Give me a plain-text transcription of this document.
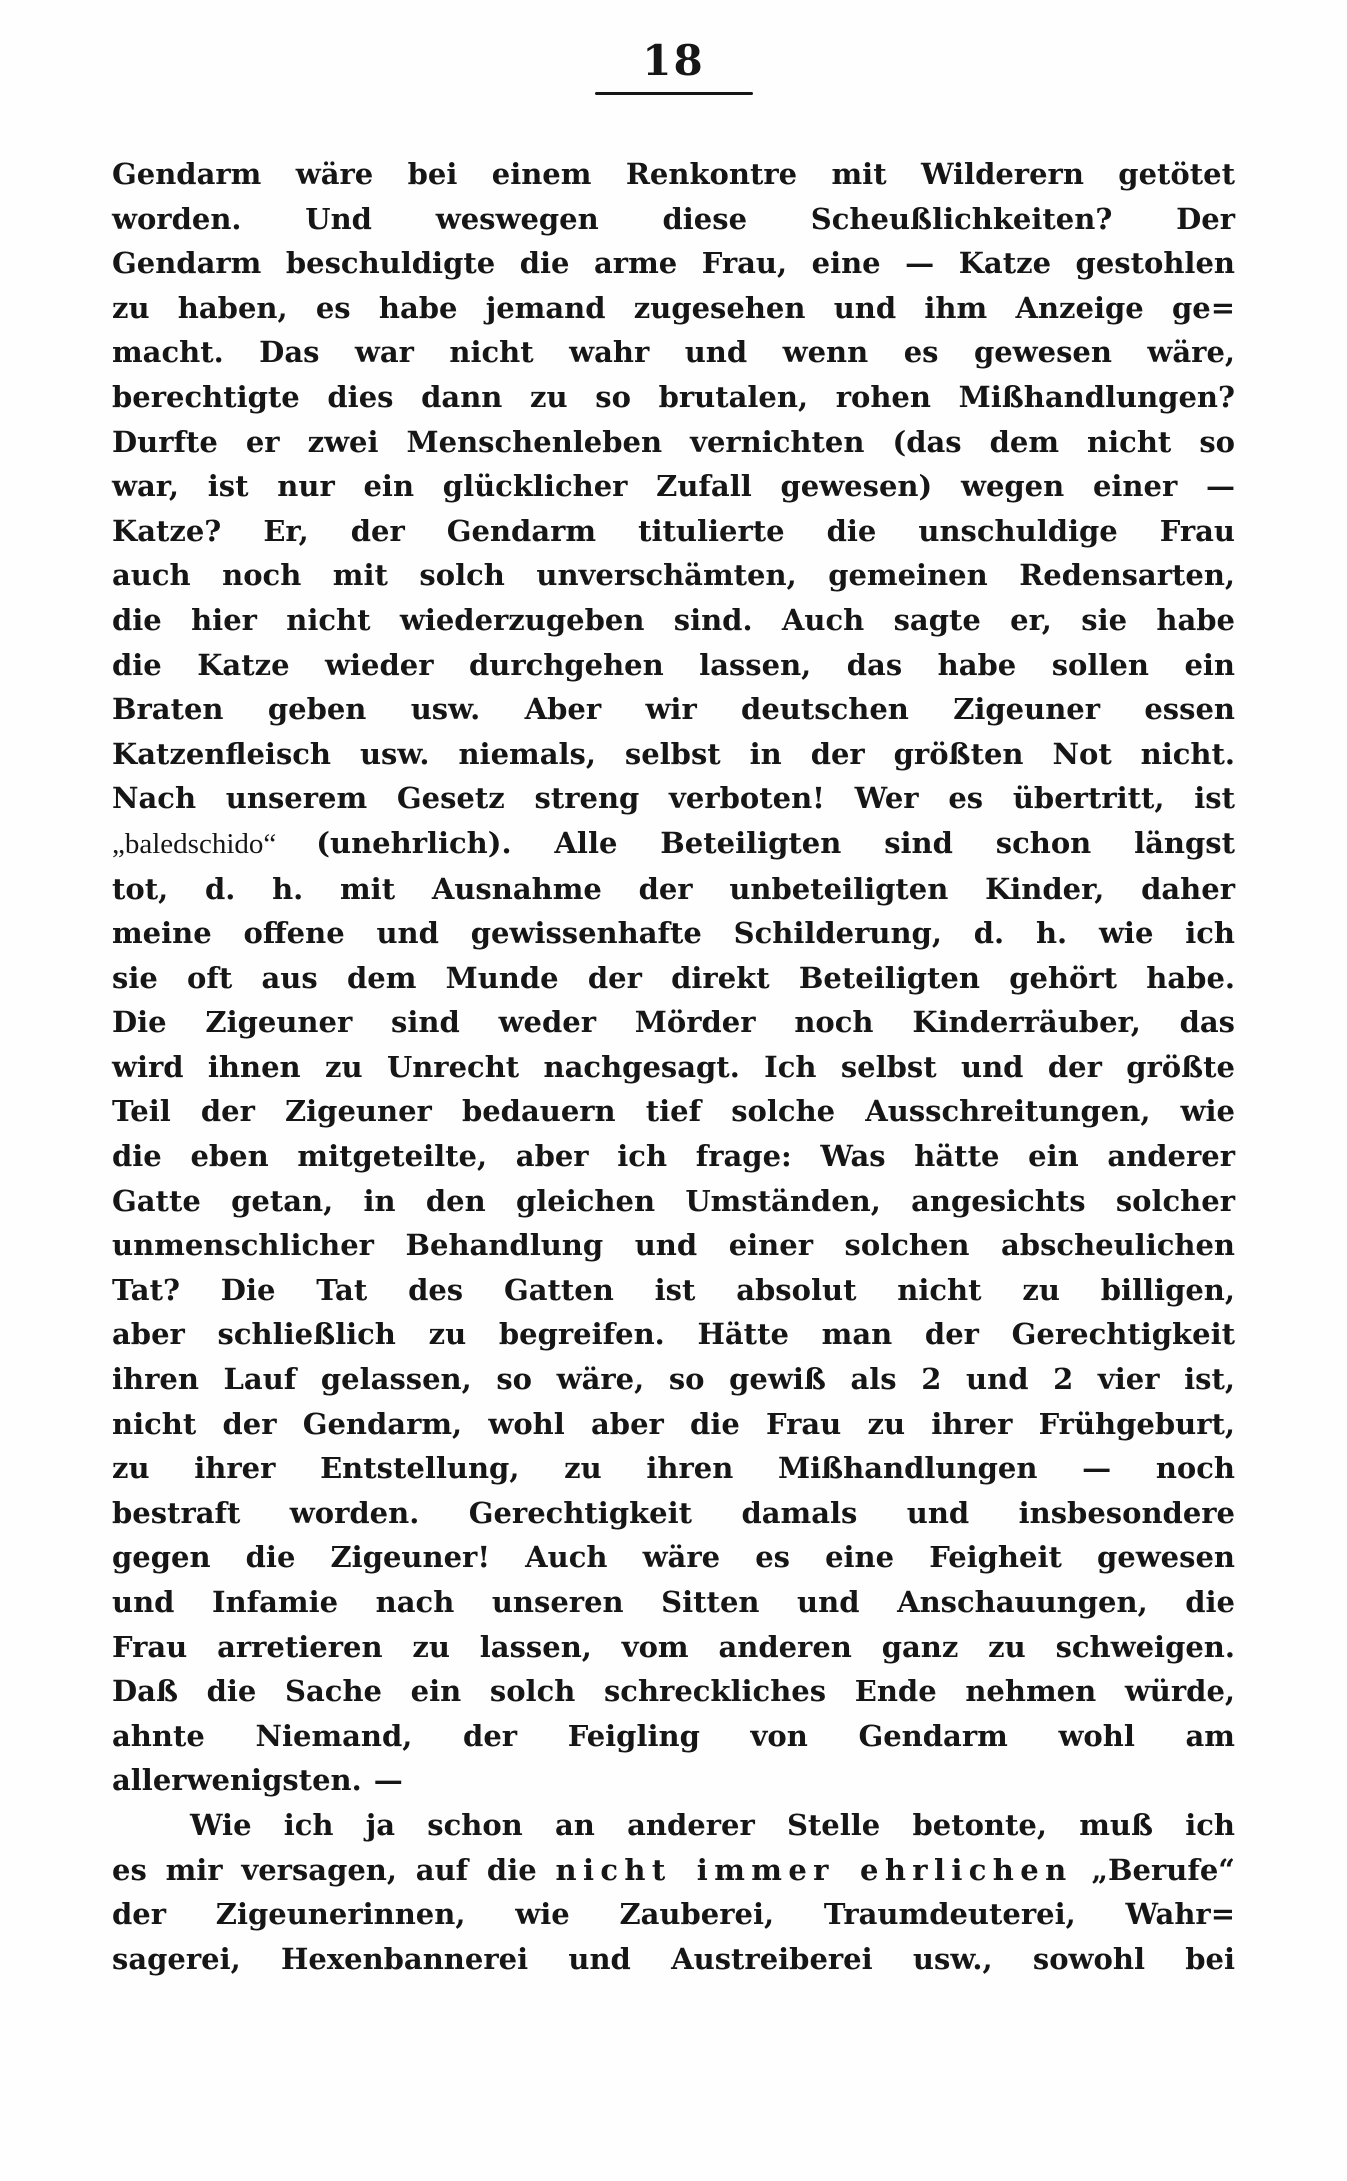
18
Gendarm wäre bei einem Renkontre mit Wilderern getötet
worden. Und weswegen diese Scheußlichkeiten? Der
Gendarm beschuldigte die arme Frau, eine — Katze gestohlen
zu haben, es habe jemand zugesehen und ihm Anzeige ge=
macht. Das war nicht wahr und wenn es gewesen wäre,
berechtigte dies dann zu so brutalen, rohen Mißhandlungen?
Durfte er zwei Menschenleben vernichten (das dem nicht so
war, ist nur ein glücklicher Zufall gewesen) wegen einer —
Katze? Er, der Gendarm titulierte die unschuldige Frau
auch noch mit solch unverschämten, gemeinen Redensarten,
die hier nicht wiederzugeben sind. Auch sagte er, sie habe
die Katze wieder durchgehen lassen, das habe sollen ein
Braten geben usw. Aber wir deutschen Zigeuner essen
Katzenfleisch usw. niemals, selbst in der größten Not nicht.
Nach unserem Gesetz streng verboten! Wer es übertritt, ist
„baledschido“ (unehrlich). Alle Beteiligten sind schon längst
tot, d. h. mit Ausnahme der unbeteiligten Kinder, daher
meine offene und gewissenhafte Schilderung, d. h. wie ich
sie oft aus dem Munde der direkt Beteiligten gehört habe.
Die Zigeuner sind weder Mörder noch Kinderräuber, das
wird ihnen zu Unrecht nachgesagt. Ich selbst und der größte
Teil der Zigeuner bedauern tief solche Ausschreitungen, wie
die eben mitgeteilte, aber ich frage: Was hätte ein anderer
Gatte getan, in den gleichen Umständen, angesichts solcher
unmenschlicher Behandlung und einer solchen abscheulichen
Tat? Die Tat des Gatten ist absolut nicht zu billigen,
aber schließlich zu begreifen. Hätte man der Gerechtigkeit
ihren Lauf gelassen, so wäre, so gewiß als 2 und 2 vier ist,
nicht der Gendarm, wohl aber die Frau zu ihrer Frühgeburt,
zu ihrer Entstellung, zu ihren Mißhandlungen — noch
bestraft worden. Gerechtigkeit damals und insbesondere
gegen die Zigeuner! Auch wäre es eine Feigheit gewesen
und Infamie nach unseren Sitten und Anschauungen, die
Frau arretieren zu lassen, vom anderen ganz zu schweigen.
Daß die Sache ein solch schreckliches Ende nehmen würde,
ahnte Niemand, der Feigling von Gendarm wohl am
allerwenigsten. —
Wie ich ja schon an anderer Stelle betonte, muß ich
es mir versagen, auf die nicht immer ehrlichen „Berufe“
der Zigeunerinnen, wie Zauberei, Traumdeuterei, Wahr=
sagerei, Hexenbannerei und Austreiberei usw., sowohl bei
